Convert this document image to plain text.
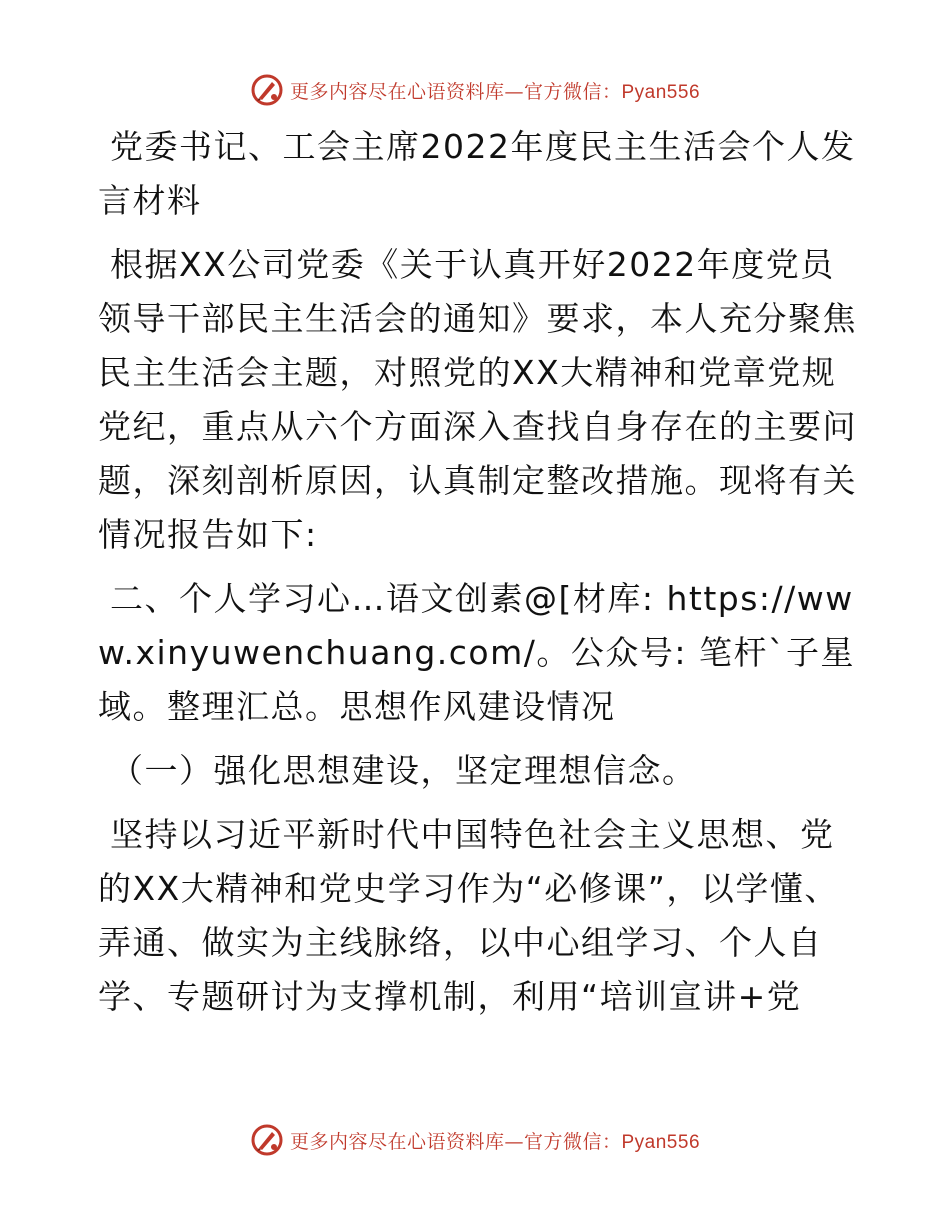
更多内容尽在心语资料库—官方微信：Pyan556

党委书记、工会主席2022年度民主生活会个人发言材料

根据XX公司党委《关于认真开好2022年度党员领导干部民主生活会的通知》要求，本人充分聚焦民主生活会主题，对照党的XX大精神和党章党规党纪，重点从六个方面深入查找自身存在的主要问题，深刻剖析原因，认真制定整改措施。现将有关情况报告如下:

二、个人学习心…语文创素@[材库: https://www.xinyuwenchuang.com/。公众号: 笔杆`子星域。整理汇总。思想作风建设情况

（一）强化思想建设，坚定理想信念。

坚持以习近平新时代中国特色社会主义思想、党的XX大精神和党史学习作为“必修课”，以学懂、弄通、做实为主线脉络，以中心组学习、个人自学、专题研讨为支撑机制，利用“培训宣讲+党

更多内容尽在心语资料库—官方微信：Pyan556
